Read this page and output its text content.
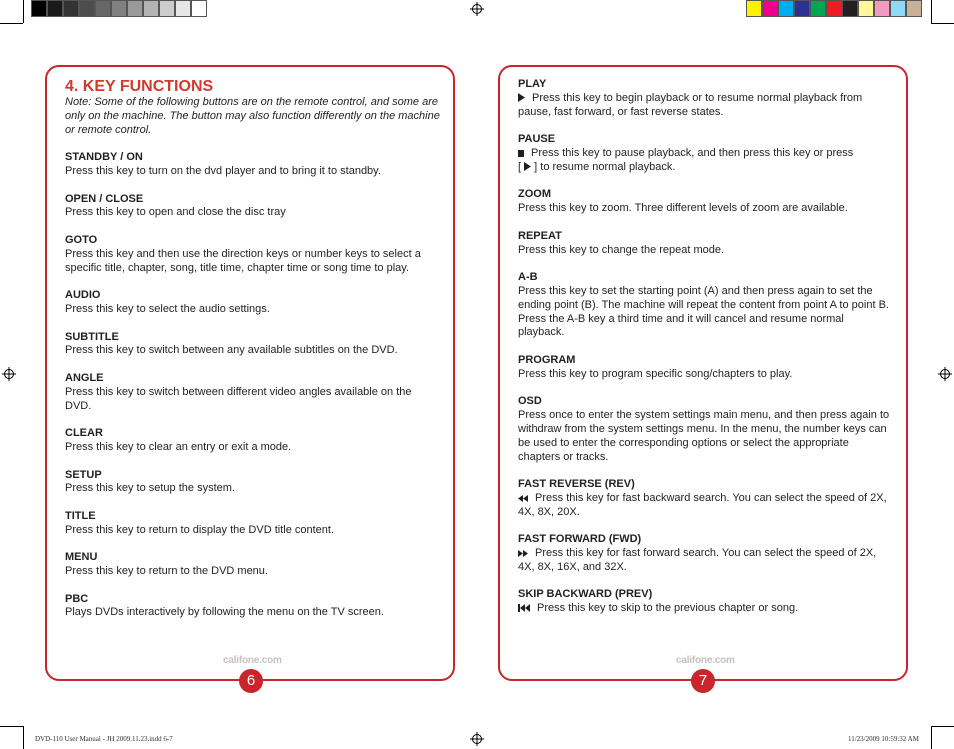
4. KEY FUNCTIONS
Note: Some of the following buttons are on the remote control, and some are only on the machine. The button may also function differently on the machine or remote control.
STANDBY / ON
Press this key to turn on the dvd player and to bring it to standby.
OPEN / CLOSE
Press this key to open and close the disc tray
GOTO
Press this key and then use the direction keys or number keys to select a specific title, chapter, song, title time, chapter time or song time to play.
AUDIO
Press this key to select the audio settings.
SUBTITLE
Press this key to switch between any available subtitles on the DVD.
ANGLE
Press this key to switch between different video angles available on the DVD.
CLEAR
Press this key to clear an entry or exit a mode.
SETUP
Press this key to setup the system.
TITLE
Press this key to return to display the DVD title content.
MENU
Press this key to return to the DVD menu.
PBC
Plays DVDs interactively by following the menu on the TV screen.
PLAY
Press this key to begin playback or to resume normal playback from pause, fast forward, or fast reverse states.
PAUSE
Press this key to pause playback, and then press this key or press
[  ] to resume normal playback.
ZOOM
Press this key to zoom. Three different levels of zoom are available.
REPEAT
Press this key to change the repeat mode.
A-B
Press this key to set the starting point (A) and then press again to set the ending point (B). The machine will repeat the content from point A to point B. Press the A-B key a third time and it will cancel and resume normal playback.
PROGRAM
Press this key to program specific song/chapters to play.
OSD
Press once to enter the system settings main menu, and then press again to withdraw from the system settings menu. In the menu, the number keys can be used to enter the corresponding options or select the appropriate chapters or tracks.
FAST REVERSE (REV)
Press this key for fast backward search. You can select the speed of 2X, 4X, 8X, 20X.
FAST FORWARD (FWD)
Press this key for fast forward search. You can select the speed of 2X, 4X, 8X, 16X, and 32X.
SKIP BACKWARD (PREV)
Press this key to skip to the previous chapter or song.
califone.com	califone.com
6	7
DVD-110 User Manual - JH 2009.11.23.indd 6-7	11/23/2009 10:59:32 AM
